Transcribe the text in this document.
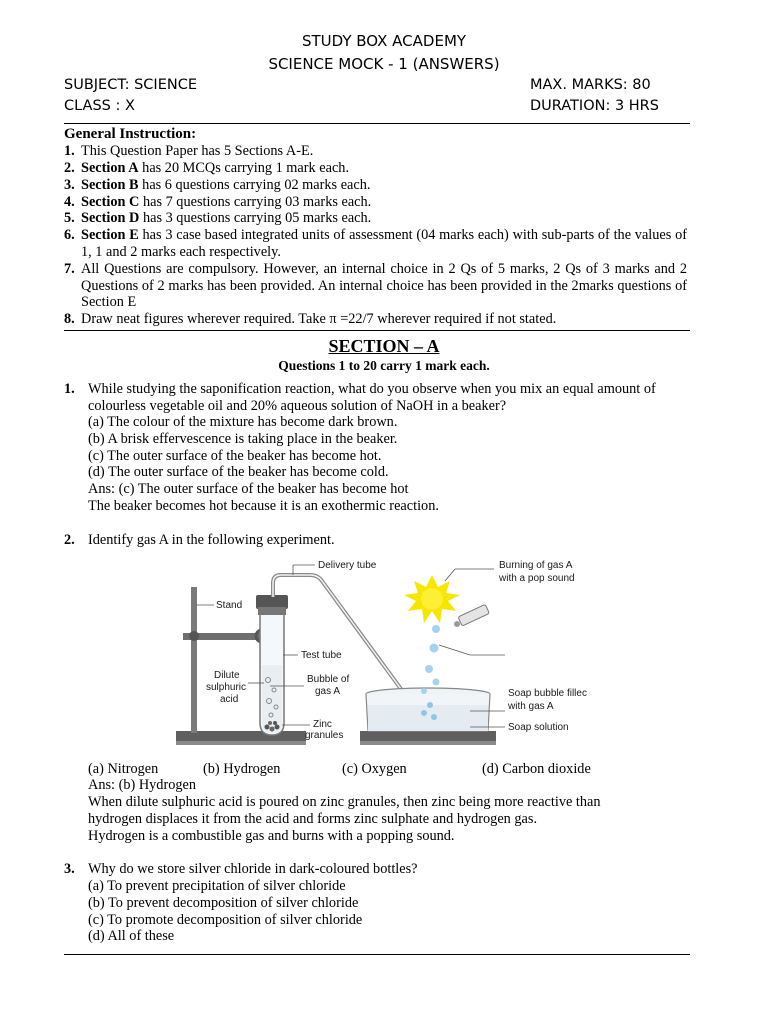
STUDY BOX ACADEMY
SCIENCE MOCK - 1 (ANSWERS)
SUBJECT: SCIENCE	MAX. MARKS: 80
CLASS : X	DURATION: 3 HRS
General Instruction:
1. This Question Paper has 5 Sections A-E.
2. Section A has 20 MCQs carrying 1 mark each.
3. Section B has 6 questions carrying 02 marks each.
4. Section C has 7 questions carrying 03 marks each.
5. Section D has 3 questions carrying 05 marks each.
6. Section E has 3 case based integrated units of assessment (04 marks each) with sub-parts of the values of 1, 1 and 2 marks each respectively.
7. All Questions are compulsory. However, an internal choice in 2 Qs of 5 marks, 2 Qs of 3 marks and 2 Questions of 2 marks has been provided. An internal choice has been provided in the 2marks questions of Section E
8. Draw neat figures wherever required. Take π =22/7 wherever required if not stated.
SECTION – A
Questions 1 to 20 carry 1 mark each.
1. While studying the saponification reaction, what do you observe when you mix an equal amount of colourless vegetable oil and 20% aqueous solution of NaOH in a beaker?
(a) The colour of the mixture has become dark brown.
(b) A brisk effervescence is taking place in the beaker.
(c) The outer surface of the beaker has become hot.
(d) The outer surface of the beaker has become cold.
Ans: (c) The outer surface of the beaker has become hot
The beaker becomes hot because it is an exothermic reaction.
2. Identify gas A in the following experiment.
Delivery tube	Burning of gas A
with a pop sound
Stand
Test tube
Dilute
sulphuric
acid
Bubble of
gas A	Soap bubble fillec
with gas A
Zinc
granules
Soap solution
(a) Nitrogen	(b) Hydrogen	(c) Oxygen	(d) Carbon dioxide
Ans: (b) Hydrogen
When dilute sulphuric acid is poured on zinc granules, then zinc being more reactive than
hydrogen displaces it from the acid and forms zinc sulphate and hydrogen gas.
Hydrogen is a combustible gas and burns with a popping sound.
3. Why do we store silver chloride in dark-coloured bottles?
(a) To prevent precipitation of silver chloride
(b) To prevent decomposition of silver chloride
(c) To promote decomposition of silver chloride
(d) All of these
